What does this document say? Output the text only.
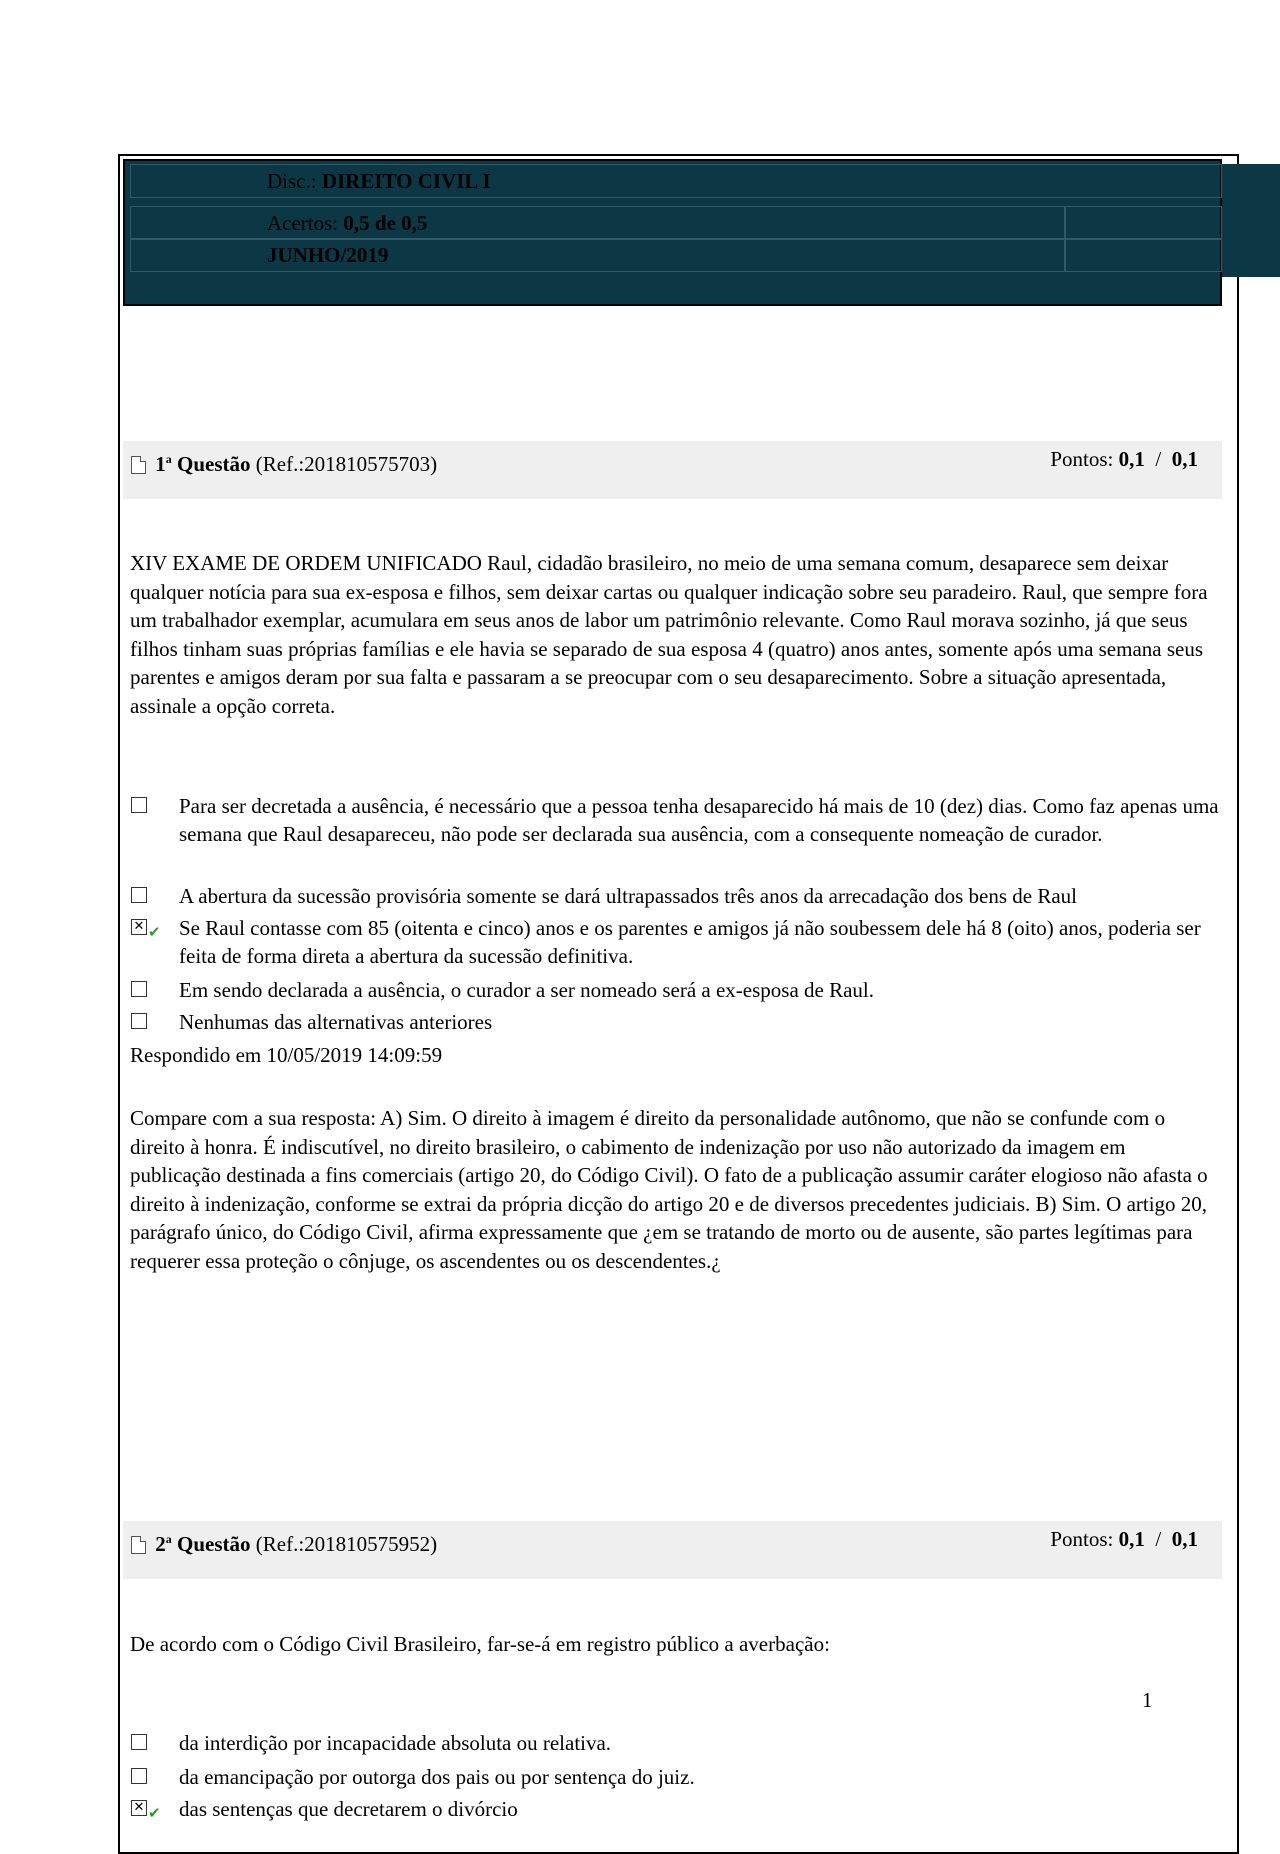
Disc.: DIREITO CIVIL I
Acertos: 0,5 de 0,5
JUNHO/2019
1$^a$ Questão (Ref.:201810575703)	Pontos: 0,1 / 0,1
XIV EXAME DE ORDEM UNIFICADO Raul, cidadão brasileiro, no meio de uma semana comum, desaparece sem deixar qualquer notícia para sua ex-esposa e filhos, sem deixar cartas ou qualquer indicação sobre seu paradeiro. Raul, que sempre fora um trabalhador exemplar, acumulara em seus anos de labor um patrimônio relevante. Como Raul morava sozinho, já que seus filhos tinham suas próprias famílias e ele havia se separado de sua esposa 4 (quatro) anos antes, somente após uma semana seus parentes e amigos deram por sua falta e passaram a se preocupar com o seu desaparecimento. Sobre a situação apresentada, assinale a opção correta.
Para ser decretada a ausência, é necessário que a pessoa tenha desaparecido há mais de 10 (dez) dias. Como faz apenas uma semana que Raul desapareceu, não pode ser declarada sua ausência, com a consequente nomeação de curador.
A abertura da sucessão provisória somente se dará ultrapassados três anos da arrecadação dos bens de Raul
✕ ✔ Se Raul contasse com 85 (oitenta e cinco) anos e os parentes e amigos já não soubessem dele há 8 (oito) anos, poderia ser feita de forma direta a abertura da sucessão definitiva.
Em sendo declarada a ausência, o curador a ser nomeado será a ex-esposa de Raul.
Nenhumas das alternativas anteriores
Respondido em 10/05/2019 14:09:59
Compare com a sua resposta: A) Sim. O direito à imagem é direito da personalidade autônomo, que não se confunde com o direito à honra. É indiscutível, no direito brasileiro, o cabimento de indenização por uso não autorizado da imagem em publicação destinada a fins comerciais (artigo 20, do Código Civil). O fato de a publicação assumir caráter elogioso não afasta o direito à indenização, conforme se extrai da própria dicção do artigo 20 e de diversos precedentes judiciais. B) Sim. O artigo 20, parágrafo único, do Código Civil, afirma expressamente que ¿em se tratando de morto ou de ausente, são partes legítimas para requerer essa proteção o cônjuge, os ascendentes ou os descendentes.¿
2$^a$ Questão (Ref.:201810575952)	Pontos: 0,1 / 0,1
De acordo com o Código Civil Brasileiro, far-se-á em registro público a averbação:
1
da interdição por incapacidade absoluta ou relativa.
da emancipação por outorga dos pais ou por sentença do juiz.
✕ ✔ das sentenças que decretarem o divórcio
